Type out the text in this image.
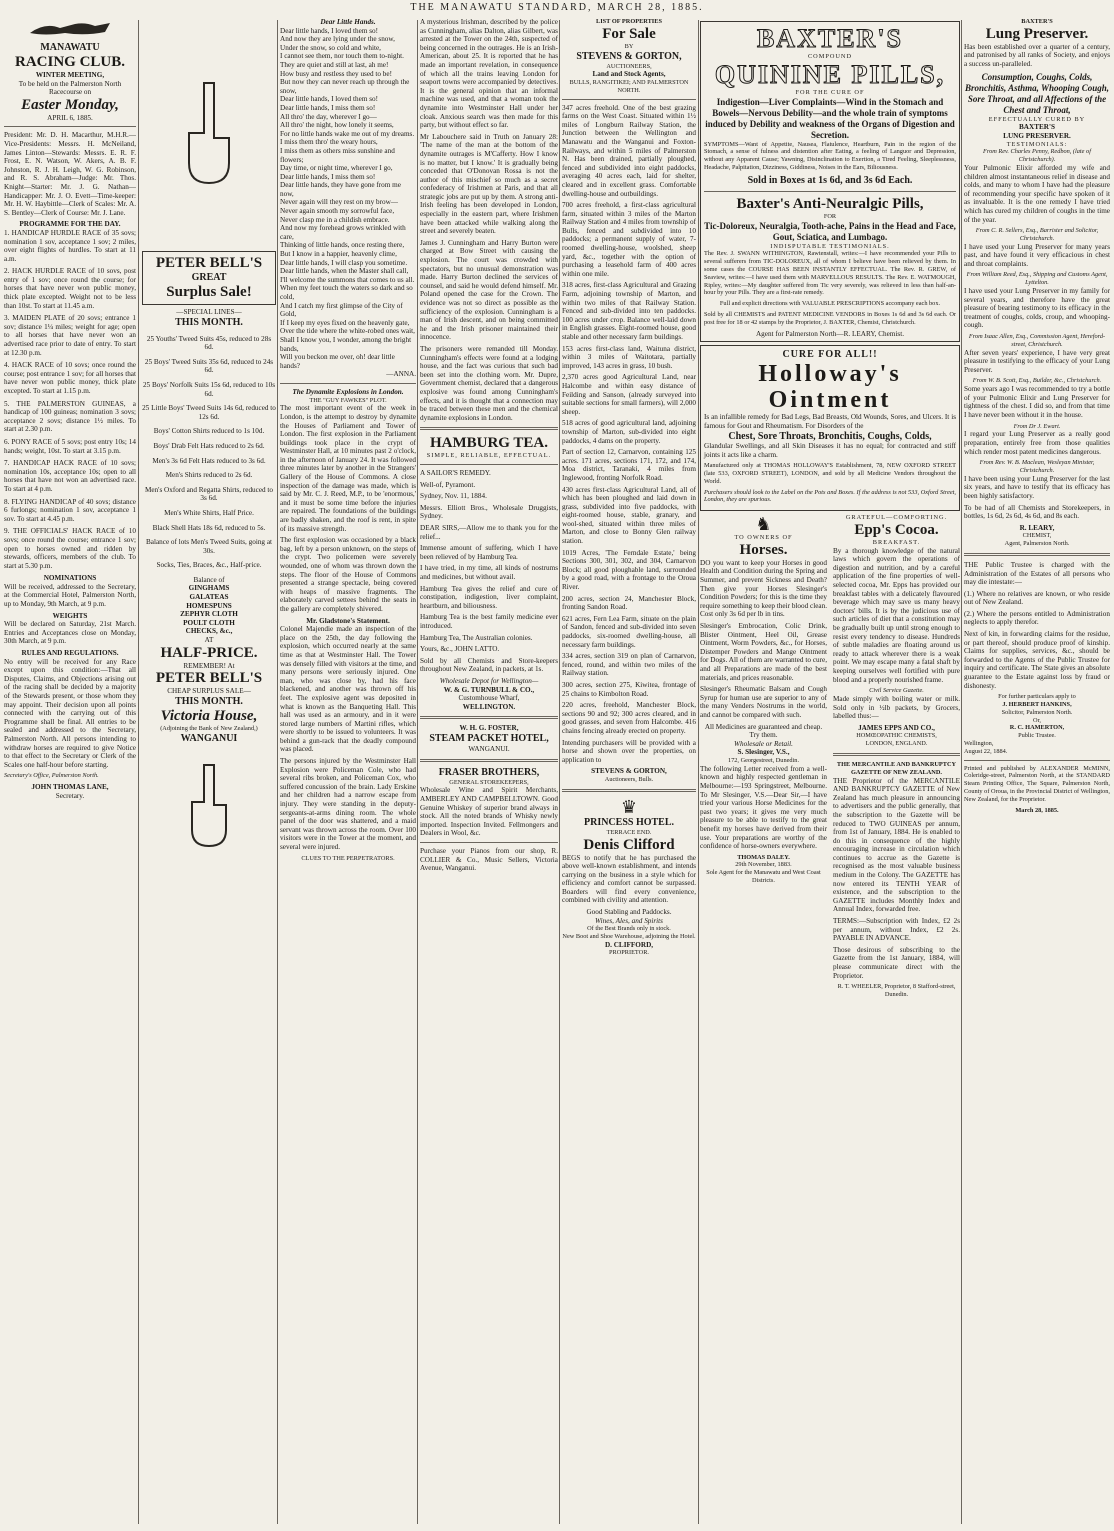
THE MANAWATU STANDARD, MARCH 28, 1885.
MANAWATU
RACING CLUB.
WINTER MEETING,
To be held on the Palmerston North Racecourse on
Easter Monday,
APRIL 6, 1885.

President: Mr. D. H. Macarthur, M.H.R.—Vice-Presidents: Messrs. H. McNeiland, James Linton—Stewards: Messrs. E. R. F. Frost, E. N. Watson, W. Akers, A. B. F. Johnston, R. J. H. Leigh, W. G. Robinson, and R. S. Abraham—Judge: Mr. Thos. Knight—Starter: Mr. J. G. Nathan—Handicapper: Mr. J. O. Evett—Time-keeper: Mr. H. W. Haybittle—Clerk of Scales: Mr. A. S. Bentley—Clerk of Course: Mr. J. Lane.

PROGRAMME FOR THE DAY.

1. HANDICAP HURDLE RACE of 35 sovs; nomination 1 sov, acceptance 1 sov; 2 miles, over eight flights of hurdles. To start at 11 a.m.

2. HACK HURDLE RACE of 10 sovs, post entry of 1 sov; once round the course; for horses that have never won public money, thick plate excepted. Weight not to be less than 10st. To start at 11.45 a.m.

3. MAIDEN PLATE of 20 sovs; entrance 1 sov; distance 1¼ miles; weight for age; open to all horses that have never won an advertised race prior to date of entry. To start at 12.30 p.m.

4. HACK RACE of 10 sovs; once round the course; post entrance 1 sov; for all horses that have never won public money, thick plate excepted. To start at 1.15 p.m.

5. THE PALMERSTON GUINEAS, a handicap of 100 guineas; nomination 3 sovs; acceptance 2 sovs; distance 1½ miles. To start at 2.30 p.m.

6. PONY RACE of 5 sovs; post entry 10s; 14 hands; weight, 10st. To start at 3.15 p.m.

7. HANDICAP HACK RACE of 10 sovs; nomination 10s, acceptance 10s; open to all horses that have not won an advertised race. To start at 4 p.m.

8. FLYING HANDICAP of 40 sovs; distance 6 furlongs; nomination 1 sov, acceptance 1 sov. To start at 4.45 p.m.

9. THE OFFICIALS' HACK RACE of 10 sovs; once round the course; entrance 1 sov; open to horses owned and ridden by stewards, officers, members of the club. To start at 5.30 p.m.

NOMINATIONS

Will be received, addressed to the Secretary, at the Commercial Hotel, Palmerston North, up to Monday, 9th March, at 9 p.m.

WEIGHTS

Will be declared on Saturday, 21st March. Entries and Acceptances close on Monday, 30th March, at 9 p.m.

RULES AND REGULATIONS.

No entry will be received for any Race except upon this condition:—That all Disputes, Claims, and Objections arising out of the racing shall be decided by a majority of the Stewards present, or those whom they may appoint. Their decision upon all points connected with the carrying out of this Programme shall be final. All entries to be sealed and addressed to the Secretary, Palmerston North. All persons intending to withdraw horses are required to give Notice to that effect to the Secretary or Clerk of the Scales one half-hour before starting.

Secretary's Office, Palmerston North.

JOHN THOMAS LANE,
Secretary.
PETER BELL'S
GREAT
Surplus Sale!
—SPECIAL LINES—
THIS MONTH.
25 Youths' Tweed Suits 45s, reduced to 28s 6d.
25 Boys' Tweed Suits 35s 6d, reduced to 24s 6d.
25 Boys' Norfolk Suits 15s 6d, reduced to 10s 6d.
25 Little Boys' Tweed Suits 14s 6d, reduced to 12s 6d.
Boys' Cotton Shirts reduced to 1s 10d.
Boys' Drab Felt Hats reduced to 2s 6d.
Men's 3s 6d Felt Hats reduced to 3s 6d.
Men's Shirts reduced to 2s 6d.
Men's Oxford and Regatta Shirts, reduced to 3s 6d.
Men's White Shirts, Half Price.
Black Shell Hats 18s 6d, reduced to 5s.
Balance of lots Men's Tweed Suits, going at 30s.
Socks, Ties, Braces, &c., Half-price.
Balance of
GINGHAMS
GALATEAS
HOMESPUNS
ZEPHYR CLOTH
POULT CLOTH
CHECKS, &c.,
AT
HALF-PRICE.
REMEMBER! At
PETER BELL'S
CHEAP SURPLUS SALE—
THIS MONTH.
Victoria House,
(Adjoining the Bank of New Zealand,)
WANGANUI
Dear Little Hands.
Dear little hands, I loved them so!
And now they are lying under the snow,
Under the snow, so cold and white,
I cannot see them, nor touch them to-night.
They are quiet and still at last, ah me!
How busy and restless they used to be!
But now they can never reach up through the snow,
Dear little hands, I loved them so!
Dear little hands, I miss them so!
All thro' the day, wherever I go—
All thro' the night, how lonely it seems,
For no little hands wake me out of my dreams.
I miss them thro' the weary hours,
I miss them as others miss sunshine and flowers;
Day time, or night time, wherever I go,
Dear little hands, I miss them so!
Dear little hands, they have gone from me now,
Never again will they rest on my brow—
Never again smooth my sorrowful face,
Never clasp me in a childish embrace.
And now my forehead grows wrinkled with care,
Thinking of little hands, once resting there,
But I know in a happier, heavenly clime,
Dear little hands, I will clasp you sometime.
Dear little hands, when the Master shall call,
I'll welcome the summons that comes to us all.
When my feet touch the waters so dark and so cold,
And I catch my first glimpse of the City of Gold,
If I keep my eyes fixed on the heavenly gate,
Over the tide where the white-robed ones wait,
Shall I know you, I wonder, among the bright bands,
Will you beckon me over, oh! dear little hands?
—ANNA.
The Dynamite Explosions in London.
THE "GUY FAWKES" PLOT.

The most important event of the week in London, is the attempt to destroy by dynamite the Houses of Parliament and Tower of London. The first explosion in the Parliament buildings took place in the crypt of Westminster Hall, at 10 minutes past 2 o'clock, in the afternoon of January 24. It was followed three minutes later by another in the Strangers' Gallery of the House of Commons. A close inspection of the damage was made, which is said by Mr. C. J. Reed, M.P., to be 'enormous,' and it must be some time before the injuries are repaired. The foundations of the buildings are badly shaken, and the roof is rent, in spite of its massive strength.

The first explosion was occasioned by a black bag, left by a person unknown, on the steps of the crypt. Two policemen were severely wounded, one of whom was thrown down the steps. The floor of the House of Commons presented a strange spectacle, being covered with heaps of massive fragments. The elaborately carved settees behind the seats in the gallery are completely shivered.

Mr. Gladstone's Statement.

Colonel Majendie made an inspection of the place on the 25th, the day following the explosion, which occurred nearly at the same time as that at Westminster Hall. The Tower was densely filled with visitors at the time, and many persons were seriously injured. One man, who was close by, had his face blackened, and another was thrown off his feet. The explosive agent was deposited in what is known as the Banqueting Hall. This hall was used as an armoury, and in it were stored large numbers of Martini rifles, which were shortly to be issued to volunteers. It was behind a gun-rack that the deadly compound was placed.

The persons injured by the Westminster Hall Explosion were Policeman Cole, who had several ribs broken, and Policeman Cox, who suffered concussion of the brain. Lady Erskine and her children had a narrow escape from injury. They were standing in the deputy-sergeants-at-arms dining room. The whole panel of the door was shattered, and a maid servant was thrown across the room. Over 100 visitors were in the Tower at the moment, and several were injured.

CLUES TO THE PERPETRATORS.

A mysterious Irishman, described by the police as Cunningham, alias Dalton, alias Gilbert, was arrested at the Tower on the 24th, suspected of being concerned in the outrages. He is an Irish-American, about 25. It is reported that he has made an important revelation, in consequence of which all the trains leaving London for seaport towns were accompanied by detectives. It is the general opinion that an informal machine was used, and that a woman took the dynamite into Westminster Hall under her cloak. Anxious search was then made for this party, but without effect so far.

Mr Labouchere said in Truth on January 28: 'The name of the man at the bottom of the dynamite outrages is M'Cafferty. How I know is no matter, but I know.' It is gradually being conceded that O'Donovan Rossa is not the author of this mischief so much as a secret confederacy of Irishmen at Paris, and that all strategic jobs are put up by them. A strong anti-Irish feeling has been developed in London, especially in the eastern part, where Irishmen have been attacked while walking along the street and severely beaten.

James J. Cunningham and Harry Burton were charged at Bow Street with causing the explosion. The court was crowded with spectators, but no unusual demonstration was made. Harry Burton declined the services of counsel, and said he would defend himself. Mr. Poland opened the case for the Crown. The evidence was not so direct as possible as the sufficiency of the explosion. Cunningham is a man of Irish descent, and on being committed he and the Irish prisoner maintained their innocence.

The prisoners were remanded till Monday. Cunningham's effects were found at a lodging house, and the fact was curious that such bad been set into the clothing worn. Mr. Dupre, Government chemist, declared that a dangerous explosive was found among Cunningham's effects, and it is thought that a connection may be traced between these men and the chemical dynamite explosions in London.

HAMBURG TEA.
SIMPLE, RELIABLE, EFFECTUAL.

A SAILOR'S REMEDY.

Well-of, Pyramont.

Sydney, Nov. 11, 1884.

Messrs. Elliott Bros., Wholesale Druggists, Sydney.

DEAR SIRS,—Allow me to thank you for the relief...

Immense amount of suffering, which I have been relieved of by Hamburg Tea.

I have tried, in my time, all kinds of nostrums and medicines, but without avail.

Hamburg Tea gives the relief and cure of constipation, indigestion, liver complaint, heartburn, and biliousness.

Hamburg Tea is the best family medicine ever introduced.

Hamburg Tea, The Australian colonies.

Yours, &c., JOHN LATTO.

Sold by all Chemists and Store-keepers throughout New Zealand, in packets, at 1s.

Wholesale Depot for Wellington—
W. & G. TURNBULL & CO.,
Customhouse Wharf,
WELLINGTON.
W. H. G. FOSTER,
STEAM PACKET HOTEL,
WANGANUI.
FRASER BROTHERS,
GENERAL STOREKEEPERS,

Wholesale Wine and Spirit Merchants, AMBERLEY AND CAMPBELLTOWN. Good Genuine Whiskey of superior brand always in stock. All the noted brands of Whisky newly imported. Inspection Invited. Fellmongers and Dealers in Wool, &c.

Purchase your Pianos from our shop, R. COLLIER & Co., Music Sellers, Victoria Avenue, Wanganui.

LIST OF PROPERTIES
For Sale
BY
STEVENS & GORTON,
AUCTIONEERS,
Land and Stock Agents,
BULLS, RANGITIKEI; AND PALMERSTON NORTH.

347 acres freehold. One of the best grazing farms on the West Coast. Situated within 1½ miles of Longburn Railway Station, the Junction between the Wellington and Manawatu and the Wanganui and Foxton-Railways, and within 5 miles of Palmerston N. Has been drained, partially ploughed, fenced and subdivided into eight paddocks, averaging 40 acres each, laid for shelter, cleared and in excellent grass. Comfortable dwelling-house and outbuildings.

700 acres freehold, a first-class agricultural farm, situated within 3 miles of the Marton Railway Station and 4 miles from township of Bulls, fenced and subdivided into 10 paddocks; a permanent supply of water, 7-roomed dwelling-house, woolshed, sheep yard, &c., together with the option of purchasing a leasehold farm of 400 acres within one mile.

318 acres, first-class Agricultural and Grazing Farm, adjoining township of Marton, and within two miles of that Railway Station. Fenced and sub-divided into ten paddocks. 100 acres under crop. Balance well-laid down in English grasses. Eight-roomed house, good stable and other necessary farm buildings.

153 acres first-class land, Waituna district, within 3 miles of Waitotara, partially improved, 143 acres in grass, 10 bush.

2,370 acres good Agricultural Land, near Halcombe and within easy distance of Feilding and Sanson, (already surveyed into suitable sections for small farmers), will 2,000 sheep.

518 acres of good agricultural land, adjoining township of Marton, sub-divided into eight paddocks, 4 dams on the property.

Part of section 12, Carnarvon, containing 125 acres. 171 acres, sections 171, 172, and 174, Moa district, Taranaki, 4 miles from Inglewood, fronting Norfolk Road.

430 acres first-class Agricultural Land, all of which has been ploughed and laid down in grass, subdivided into five paddocks, with eight-roomed house, stable, granary, and wool-shed, situated within three miles of Marton, and close to Bonny Glen railway station.

1019 Acres, 'The Ferndale Estate,' being Sections 300, 301, 302, and 304, Carnarvon Block; all good ploughable land, surrounded by a good road, with a frontage to the Oroua River.

200 acres, section 24, Manchester Block, fronting Sandon Road.

621 acres, Fern Lea Farm, situate on the plain of Sandon, fenced and sub-divided into seven paddocks, six-roomed dwelling-house, all necessary farm buildings.

334 acres, section 319 on plan of Carnarvon, fenced, round, and within two miles of the Railway station.

300 acres, section 275, Kiwitea, frontage of 25 chains to Kimbolton Road.

220 acres, freehold, Manchester Block, sections 90 and 92; 300 acres cleared, and in good grasses, and seven from Halcombe. 416 chains fencing already erected on property.

Intending purchasers will be provided with a horse and shown over the properties, on application to

STEVENS & GORTON,
Auctioneers, Bulls.
♛
PRINCESS HOTEL.
TERRACE END.
Denis Clifford

BEGS to notify that he has purchased the above well-known establishment, and intends carrying on the business in a style which for efficiency and comfort cannot be surpassed. Boarders will find every convenience, combined with civility and attention.

Good Stabling and Paddocks.
Wines, Ales, and Spirits
Of the Best Brands only in stock.
New Boot and Shoe Warehouse, adjoining the Hotel.
D. CLIFFORD,
PROPRIETOR.
BAXTER'S
COMPOUND
QUININE PILLS,
FOR THE CURE OF
Indigestion—Liver Complaints—Wind in the Stomach and Bowels—Nervous Debility—and the whole train of symptoms induced by Debility and weakness of the Organs of Digestion and Secretion.

SYMPTOMS—Want of Appetite, Nausea, Flatulence, Heartburn, Pain in the region of the Stomach, a sense of fulness and distention after Eating, a feeling of Languor and Depression, without any Apparent Cause; Yawning, Disinclination to Exertion, a Tired Feeling, Sleeplessness, Headache, Palpitation, Dizziness, Giddiness, Noises in the Ears, Biliousness.

Sold in Boxes at 1s 6d, and 3s 6d Each.
Baxter's Anti-Neuralgic Pills,
FOR
Tic-Doloreux, Neuralgia, Tooth-ache, Pains in the Head and Face, Gout, Sciatica, and Lumbago.
INDISPUTABLE TESTIMONIALS.

The Rev. J. SWANN WITHINGTON, Rawtenstall, writes:—I have recommended your Pills to several sufferers from TIC-DOLOREUX, all of whom I believe have been relieved by them. In some cases the COURSE HAS BEEN INSTANTLY EFFECTUAL. The Rev. R. GREW, of Seaview, writes:—I have used them with MARVELLOUS RESULTS. The Rev. E. WATMOUGH, Ripley, writes:—My daughter suffered from Tic very severely, was relieved in less than half-an-hour by your Pills. They are a first-rate remedy.

Full and explicit directions with VALUABLE PRESCRIPTIONS accompany each box.

Sold by all CHEMISTS and PATENT MEDICINE VENDORS in Boxes 1s 6d and 3s 6d each. Or post free for 18 or 42 stamps by the Proprietor, J. BAXTER, Chemist, Christchurch.

Agent for Palmerston North—R. LEARY, Chemist.
CURE FOR ALL!!
Holloway's Ointment

Is an infallible remedy for Bad Legs, Bad Breasts, Old Wounds, Sores, and Ulcers. It is famous for Gout and Rheumatism. For Disorders of the

Chest, Sore Throats, Bronchitis, Coughs, Colds,

Glandular Swellings, and all Skin Diseases it has no equal; for contracted and stiff joints it acts like a charm.

Manufactured only at THOMAS HOLLOWAY'S Establishment, 78, NEW OXFORD STREET (late 533, OXFORD STREET), LONDON, and sold by all Medicine Vendors throughout the World.

Purchasers should look to the Label on the Pots and Boxes. If the address is not 533, Oxford Street, London, they are spurious.

♞
TO OWNERS OF
Horses.

DO you want to keep your Horses in good Health and Condition during the Spring and Summer, and prevent Sickness and Death? Then give your Horses Slesinger's Condition Powders; for this is the time they require something to keep their blood clean. Cost only 3s 6d per lb in tins.

Slesinger's Embrocation, Colic Drink, Blister Ointment, Heel Oil, Grease Ointment, Worm Powders, &c., for Horses, Distemper Powders and Mange Ointment for Dogs. All of them are warranted to cure, and all Preparations are made of the best materials, and prices reasonable.

Slesinger's Rheumatic Balsam and Cough Syrup for human use are superior to any of the many Venders Nostrums in the world, and cannot be compared with such.

All Medicines are guaranteed and cheap. Try them.
Wholesale or Retail.
S. Slesinger, V.S.,
172, Georgestreet, Dunedin.

The following Letter received from a well-known and highly respected gentleman in Melbourne:—193 Springstreet, Melbourne. To Mr Slesinger, V.S.—Dear Sir,—I have tried your various Horse Medicines for the past two years; it gives me very much pleasure to be able to testify to the great benefit my horses have derived from their use. Your preparations are worthy of the confidence of horse-owners everywhere.

THOMAS DALEY.
29th November, 1883.
Sole Agent for the Manawatu and West Coast Districts.
GRATEFUL—COMFORTING.
Epp's Cocoa.
BREAKFAST.

By a thorough knowledge of the natural laws which govern the operations of digestion and nutrition, and by a careful application of the fine properties of well-selected cocoa, Mr. Epps has provided our breakfast tables with a delicately flavoured beverage which may save us many heavy doctors' bills. It is by the judicious use of such articles of diet that a constitution may be gradually built up until strong enough to resist every tendency to disease. Hundreds of subtle maladies are floating around us ready to attack wherever there is a weak point. We may escape many a fatal shaft by keeping ourselves well fortified with pure blood and a properly nourished frame.

Civil Service Gazette.

Made simply with boiling water or milk. Sold only in ½lb packets, by Grocers, labelled thus:—

JAMES EPPS AND CO.,
HOMŒOPATHIC CHEMISTS,
LONDON, ENGLAND.
THE MERCANTILE AND BANKRUPTCY GAZETTE OF NEW ZEALAND.

THE Proprietor of the MERCANTILE AND BANKRUPTCY GAZETTE of New Zealand has much pleasure in announcing to advertisers and the public generally, that the subscription to the Gazette will be reduced to TWO GUINEAS per annum, from 1st of January, 1884. He is enabled to do this in consequence of the highly encouraging increase in circulation which continues to accrue as the Gazette is recognised as the most valuable business medium in the Colony. The GAZETTE has now entered its TENTH YEAR of existence, and the subscription to the GAZETTE includes Monthly Index and Annual Index, forwarded free.

TERMS:—Subscription with Index, £2 2s per annum, without Index, £2 2s. PAYABLE IN ADVANCE.

Those desirous of subscribing to the Gazette from the 1st January, 1884, will please communicate direct with the Proprietor.

R. T. WHEELER, Proprietor, 8 Stafford-street, Dunedin.
BAXTER'S
Lung Preserver.

Has been established over a quarter of a century, and patronised by all ranks of Society, and enjoys a success un-paralleled.

Consumption, Coughs, Colds, Bronchitis, Asthma, Whooping Cough, Sore Throat, and all Affections of the Chest and Throat,
EFFECTUALLY CURED BY
BAXTER'S
LUNG PRESERVER.
TESTIMONIALS:
From Rev. Charles Penny, Redbon, (late of Christchurch).

Your Pulmonic Elixir afforded my wife and children almost instantaneous relief in disease and colds, and many to whom I have had the pleasure of recommending your specific have spoken of it as invaluable. It is the one remedy I have tried which has cured my children of coughs in the time of the year.

From C. R. Sellers, Esq., Barrister and Solicitor, Christchurch.

I have used your Lung Preserver for many years past, and have found it very efficacious in chest and throat complaints.

From William Reed, Esq., Shipping and Customs Agent, Lyttelton.

I have used your Lung Preserver in my family for several years, and therefore have the great pleasure of bearing testimony to its efficacy in the treatment of coughs, colds, croup, and whooping-cough.

From Isaac Allen, Esq., Commission Agent, Hereford-street, Christchurch.

After seven years' experience, I have very great pleasure in testifying to the efficacy of your Lung Preserver.

From W. B. Scott, Esq., Builder, &c., Christchurch.

Some years ago I was recommended to try a bottle of your Pulmonic Elixir and Lung Preserver for tightness of the chest. I did so, and from that time I have never been without it in the house.

From Dr J. Ewart.

I regard your Lung Preserver as a really good preparation, entirely free from those qualities which render most patent medicines dangerous.

From Rev. W. B. Maclean, Wesleyan Minister, Christchurch.

I have been using your Lung Preserver for the last six years, and have to testify that its efficacy has been highly satisfactory.

To be had of all Chemists and Storekeepers, in bottles, 1s 6d, 2s 6d, 4s 6d, and 8s each.

R. LEARY,
CHEMIST,
Agent, Palmerston North.

THE Public Trustee is charged with the Administration of the Estates of all persons who may die intestate:—

(1.) Where no relatives are known, or who reside out of New Zealand.

(2.) Where the persons entitled to Administration neglects to apply therefor.

Next of kin, in forwarding claims for the residue, or part thereof, should produce proof of kinship. Claims for supplies, services, &c., should be forwarded to the Agents of the Public Trustee for inquiry and certificate. The State gives an absolute guarantee to the Estate against loss by fraud or dishonesty.

For further particulars apply to
J. HERBERT HANKINS,
Solicitor, Palmerston North.
Or,
R. C. HAMERTON,
Public Trustee.
Wellington,
August 22, 1884.

Printed and published by ALEXANDER McMINN, Coleridge-street, Palmerston North, at the STANDARD Steam Printing Office, The Square, Palmerston North, County of Oroua, in the Provincial District of Wellington, New Zealand, for the Proprietor.

March 28, 1885.
